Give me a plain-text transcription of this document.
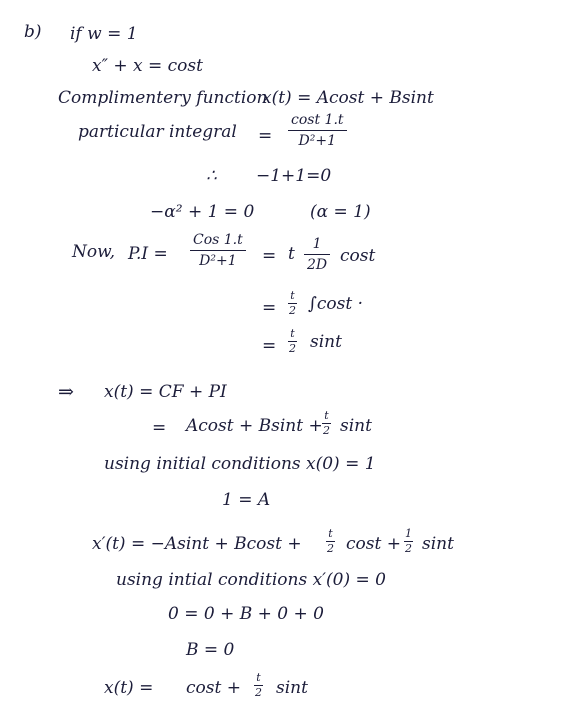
b) if w = 1
x″ + x = cost
Complimentery function
x(t) = Acost + Bsint
particular integral =
cost 1.t
D²+1
∴ −1+1=0
−α² + 1 = 0	(α = 1)
Now, P.I =
Cos 1.t
D²+1 = t 1
2D cost
=
t
2 ∫cost ·
=
t
2 sint
⇒ x(t) = CF + PI
= Acost + Bsint +
t
2 sint
using initial conditions x(0) = 1
1 = A
x′(t) = −Asint + Bcost +
t
2 cost +
1
2 sint
using intial conditions x′(0) = 0
0 = 0 + B + 0 + 0
B = 0
x(t) = cost +
t
2 sint
